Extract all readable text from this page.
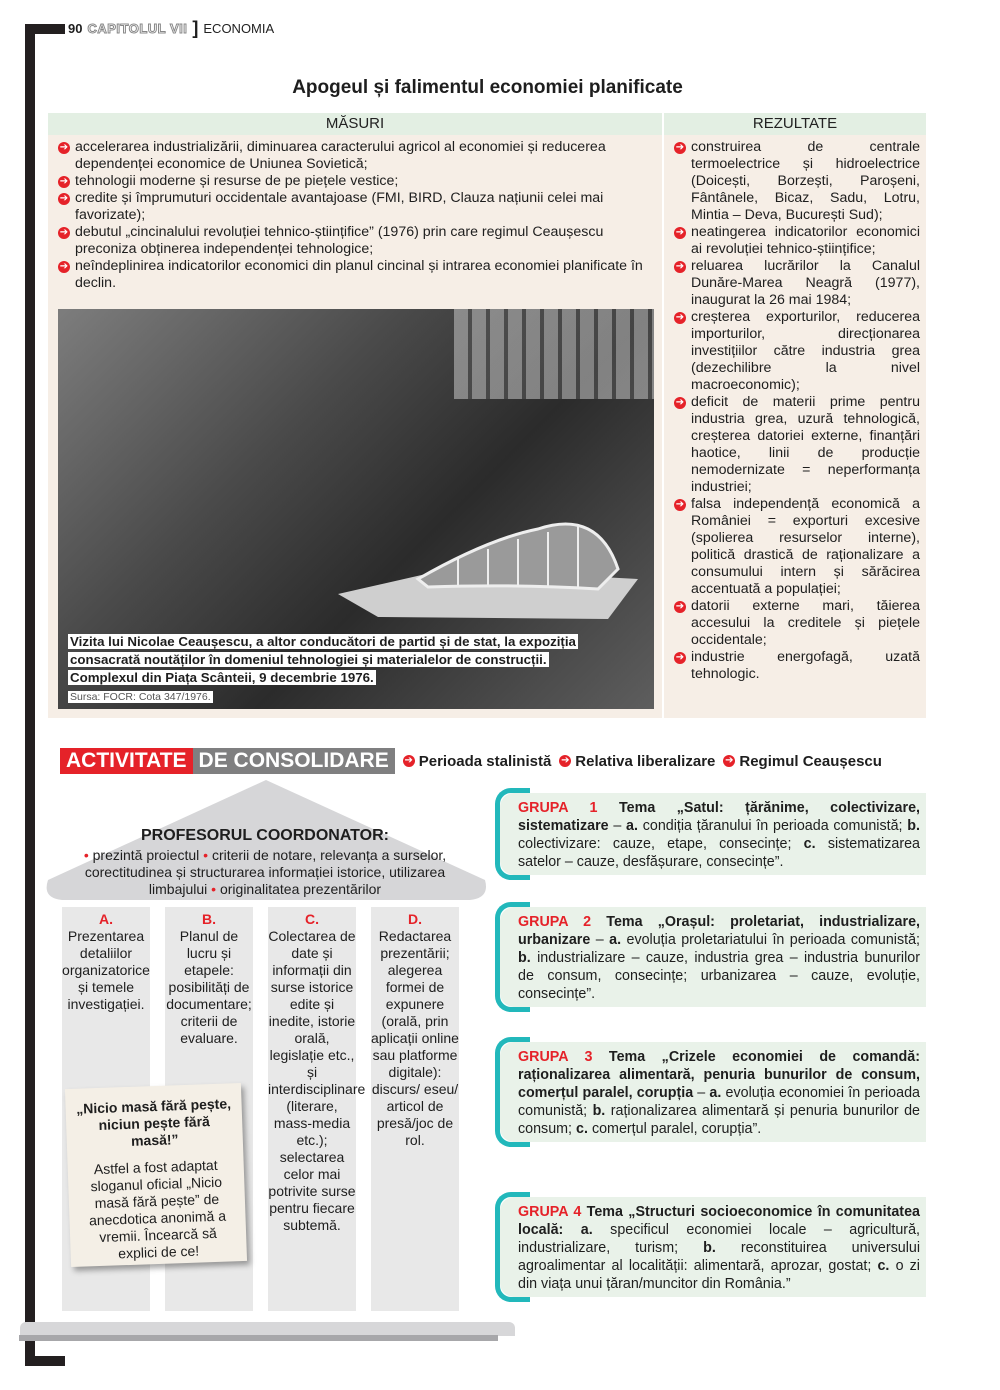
90 CAPITOLUL VII ] ECONOMIA
Apogeul și falimentul economiei planificate
MĂSURI
➔ accelerarea industrializării, diminuarea caracterului agricol al economiei și reducerea dependenței economice de Uniunea Sovietică;
➔ tehnologii moderne și resurse de pe piețele vestice;
➔ credite și împrumuturi occidentale avantajoase (FMI, BIRD, Clauza națiunii celei mai favorizate);
➔ debutul „cincinalului revoluției tehnico-științifice” (1976) prin care regimul Ceaușescu preconiza obținerea independenței tehnologice;
➔ neîndeplinirea indicatorilor economici din planul cincinal și intrarea economiei planificate în declin.
Vizita lui Nicolae Ceaușescu, a altor conducători de partid și de stat, la expoziția
consacrată noutăților în domeniul tehnologiei și materialelor de construcții.
Complexul din Piața Scânteii, 9 decembrie 1976.
Sursa: FOCR: Cota 347/1976.
REZULTATE
➔ construirea de centrale termoelectrice și hidroelectrice (Doicești, Borzești, Paroșeni, Fântânele, Bicaz, Sadu, Lotru, Mintia – Deva, București Sud);
➔ neatingerea indicatorilor economici ai revoluției tehnico-științifice;
➔ reluarea lucrărilor la Canalul Dunăre-Marea Neagră (1977), inaugurat la 26 mai 1984;
➔ creșterea exporturilor, reducerea importurilor, direcționarea investițiilor către industria grea (dezechilibre la nivel macroeconomic);
➔ deficit de materii prime pentru industria grea, uzură tehnologică, creșterea datoriei externe, finanțări haotice, linii de producție nemodernizate = neperformanța industriei;
➔ falsa independență economică a României = exporturi excesive (spolierea resurselor interne), politică drastică de raționalizare a consumului intern și sărăcirea accentuată a populației;
➔ datorii externe mari, tăierea accesului la creditele și piețele occidentale;
➔ industrie energofagă, uzată tehnologic.
ACTIVITATE DE CONSOLIDARE	➔ Perioada stalinistă ➔ Relativa liberalizare ➔ Regimul Ceaușescu
PROFESORUL COORDONATOR:
• prezintă proiectul • criterii de notare, relevanța a surselor, corectitudinea și structurarea informației istorice, utilizarea limbajului • originalitatea prezentărilor
A.
Prezentarea detaliilor organizatorice și temele investigației.
B.
Planul de lucru și etapele: posibilități de documentare; criterii de evaluare.
C.
Colectarea de date și informații din surse istorice edite și inedite, istorie orală, legislație etc., și interdisciplinare (literare, mass-media etc.); selectarea celor mai potrivite surse pentru fiecare subtemă.
D.
Redactarea prezentării; alegerea formei de expunere (orală, prin aplicații online sau platforme digitale): discurs/ eseu/ articol de presă/joc de rol.
„Nicio masă fără pește, niciun pește fără masă!”
Astfel a fost adaptat sloganul oficial „Nicio masă fără pește” de anecdotica anonimă a vremii. Încearcă să explici de ce!
GRUPA 1 Tema „Satul: țărănime, colectivizare, sistematizare – a. condiția țăranului în perioada comunistă; b. colectivizare: cauze, etape, consecințe; c. sistematizarea satelor – cauze, desfășurare, consecințe”.
GRUPA 2 Tema „Orașul: proletariat, industrializare, urbanizare – a. evoluția proletariatului în perioada comunistă; b. industrializare – cauze, industria grea – industria bunurilor de consum, consecințe; urbanizarea – cauze, evoluție, consecințe”.
GRUPA 3 Tema „Crizele economiei de comandă: raționalizarea alimentară, penuria bunurilor de consum, comerțul paralel, corupția – a. evoluția economiei în perioada comunistă; b. raționalizarea alimentară și penuria bunurilor de consum; c. comerțul paralel, corupția”.
GRUPA 4 Tema „Structuri socioeconomice în comunitatea locală: a. specificul economiei locale – agricultură, industrializare, turism; b. reconstituirea universului agroalimentar al localității: alimentară, aprozar, gostat; c. o zi din viața unui țăran/muncitor din România.”
